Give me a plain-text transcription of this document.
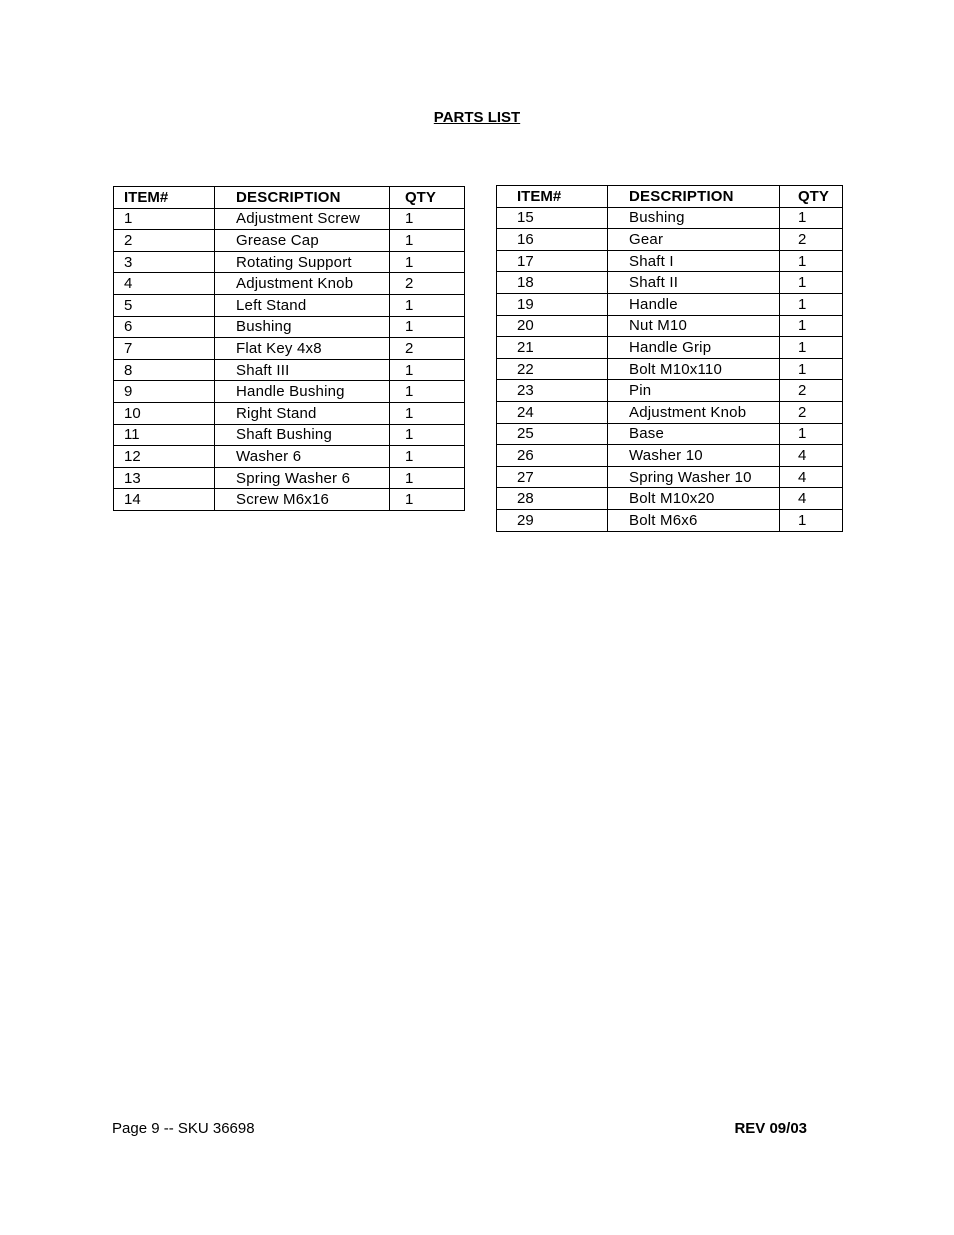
PARTS LIST
ITEM#	DESCRIPTION	QTY
1	Adjustment Screw	1
2	Grease Cap	1
3	Rotating Support	1
4	Adjustment Knob	2
5	Left Stand	1
6	Bushing	1
7	Flat Key 4x8	2
8	Shaft III	1
9	Handle Bushing	1
10	Right Stand	1
11	Shaft Bushing	1
12	Washer 6	1
13	Spring Washer 6	1
14	Screw M6x16	1
ITEM#	DESCRIPTION	QTY
15	Bushing	1
16	Gear	2
17	Shaft I	1
18	Shaft II	1
19	Handle	1
20	Nut M10	1
21	Handle Grip	1
22	Bolt M10x110	1
23	Pin	2
24	Adjustment Knob	2
25	Base	1
26	Washer 10	4
27	Spring Washer 10	4
28	Bolt M10x20	4
29	Bolt M6x6	1
Page 9 -- SKU 36698	REV 09/03
